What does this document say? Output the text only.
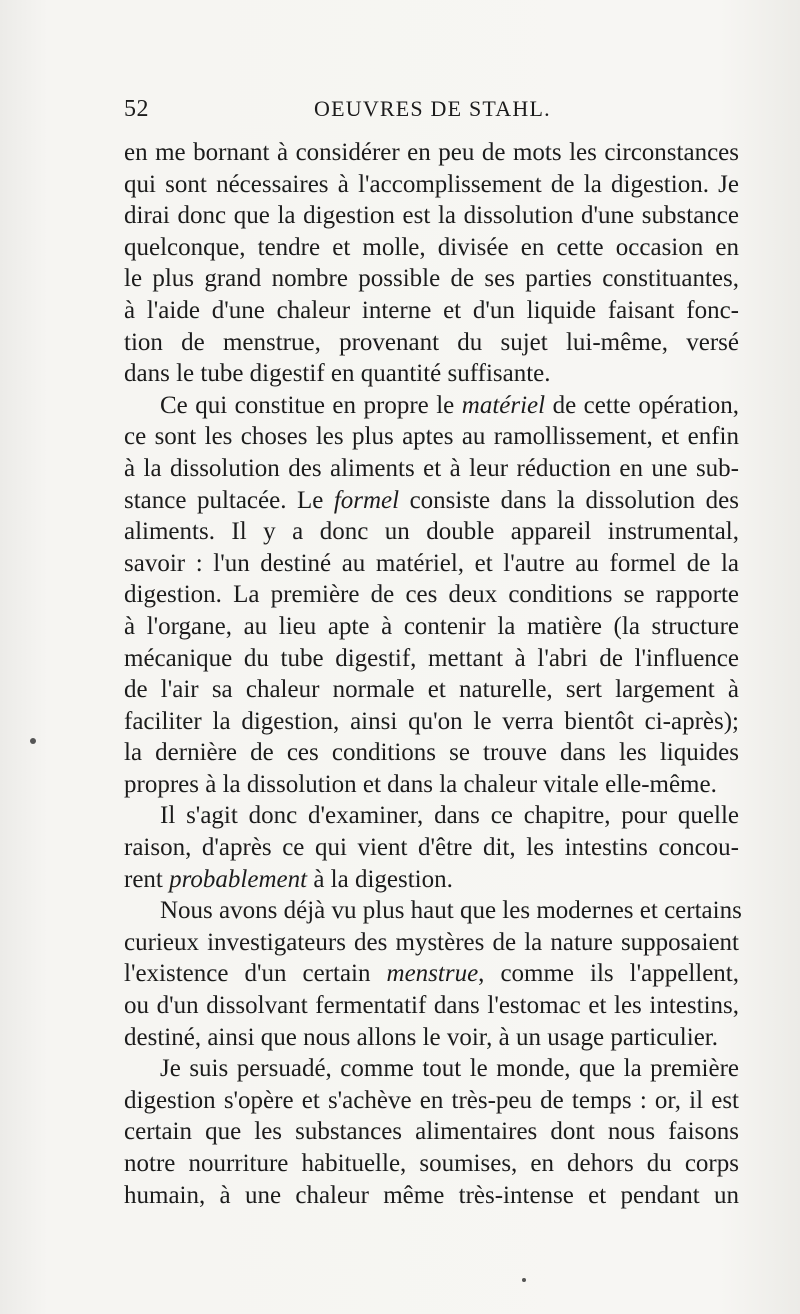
52	OEUVRES DE STAHL.
en me bornant à considérer en peu de mots les circonstances
qui sont nécessaires à l'accomplissement de la digestion. Je
dirai donc que la digestion est la dissolution d'une substance
quelconque, tendre et molle, divisée en cette occasion en
le plus grand nombre possible de ses parties constituantes,
à l'aide d'une chaleur interne et d'un liquide faisant fonc-
tion de menstrue, provenant du sujet lui-même, versé
dans le tube digestif en quantité suffisante.
Ce qui constitue en propre le matériel de cette opération,
ce sont les choses les plus aptes au ramollissement, et enfin
à la dissolution des aliments et à leur réduction en une sub-
stance pultacée. Le formel consiste dans la dissolution des
aliments. Il y a donc un double appareil instrumental,
savoir : l'un destiné au matériel, et l'autre au formel de la
digestion. La première de ces deux conditions se rapporte
à l'organe, au lieu apte à contenir la matière (la structure
mécanique du tube digestif, mettant à l'abri de l'influence
de l'air sa chaleur normale et naturelle, sert largement à
faciliter la digestion, ainsi qu'on le verra bientôt ci-après);
la dernière de ces conditions se trouve dans les liquides
propres à la dissolution et dans la chaleur vitale elle-même.
Il s'agit donc d'examiner, dans ce chapitre, pour quelle
raison, d'après ce qui vient d'être dit, les intestins concou-
rent probablement à la digestion.
Nous avons déjà vu plus haut que les modernes et certains
curieux investigateurs des mystères de la nature supposaient
l'existence d'un certain menstrue, comme ils l'appellent,
ou d'un dissolvant fermentatif dans l'estomac et les intestins,
destiné, ainsi que nous allons le voir, à un usage particulier.
Je suis persuadé, comme tout le monde, que la première
digestion s'opère et s'achève en très-peu de temps : or, il est
certain que les substances alimentaires dont nous faisons
notre nourriture habituelle, soumises, en dehors du corps
humain, à une chaleur même très-intense et pendant un
